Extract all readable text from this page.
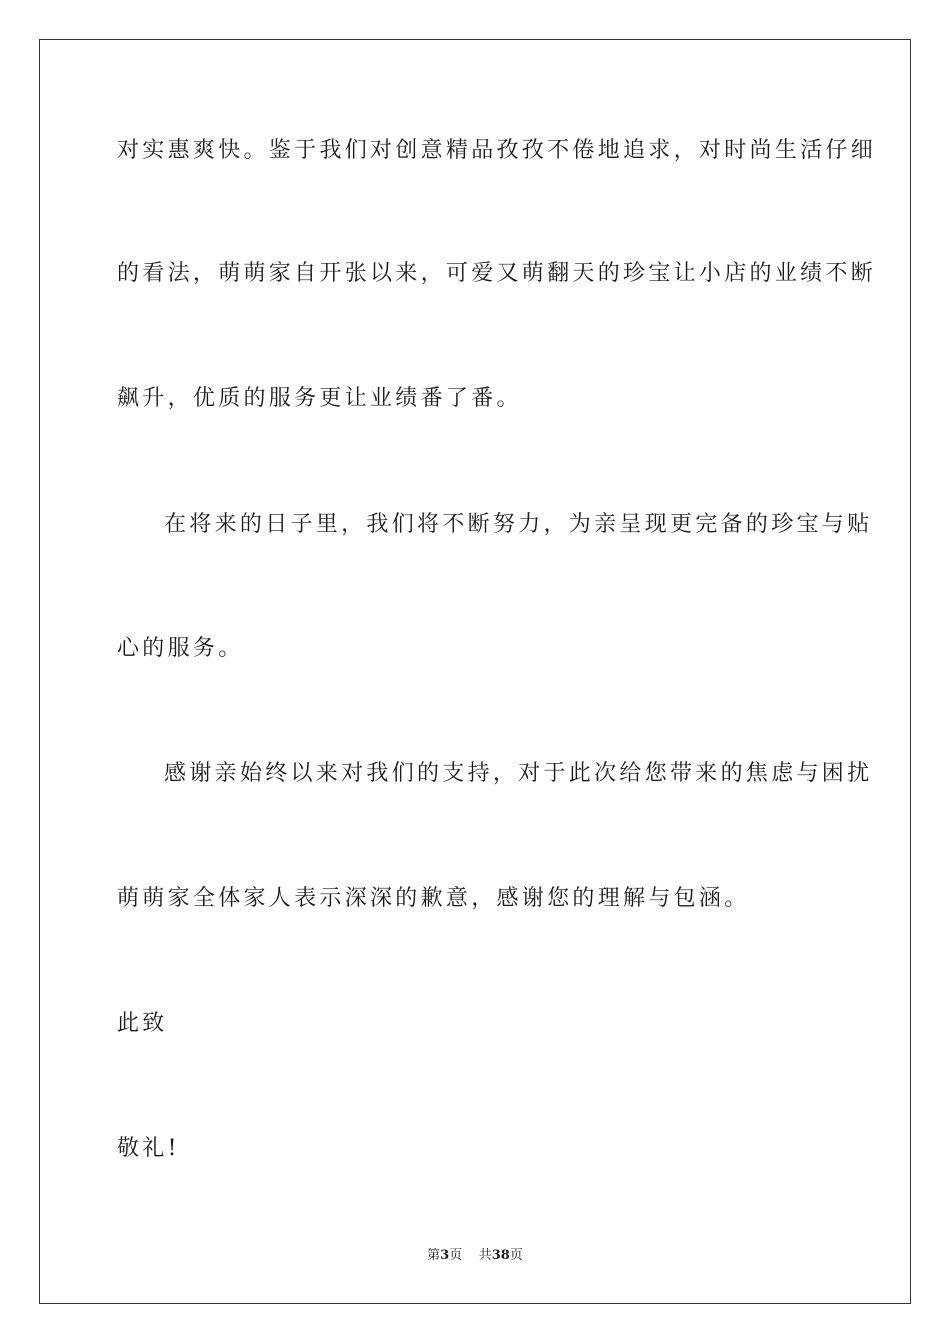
对实惠爽快。鉴于我们对创意精品孜孜不倦地追求，对时尚生活仔细
的看法，萌萌家自开张以来，可爱又萌翻天的珍宝让小店的业绩不断
飙升，优质的服务更让业绩番了番。
在将来的日子里，我们将不断努力，为亲呈现更完备的珍宝与贴
心的服务。
感谢亲始终以来对我们的支持，对于此次给您带来的焦虑与困扰
萌萌家全体家人表示深深的歉意，感谢您的理解与包涵。
此致
敬礼!
第3页 共38页
